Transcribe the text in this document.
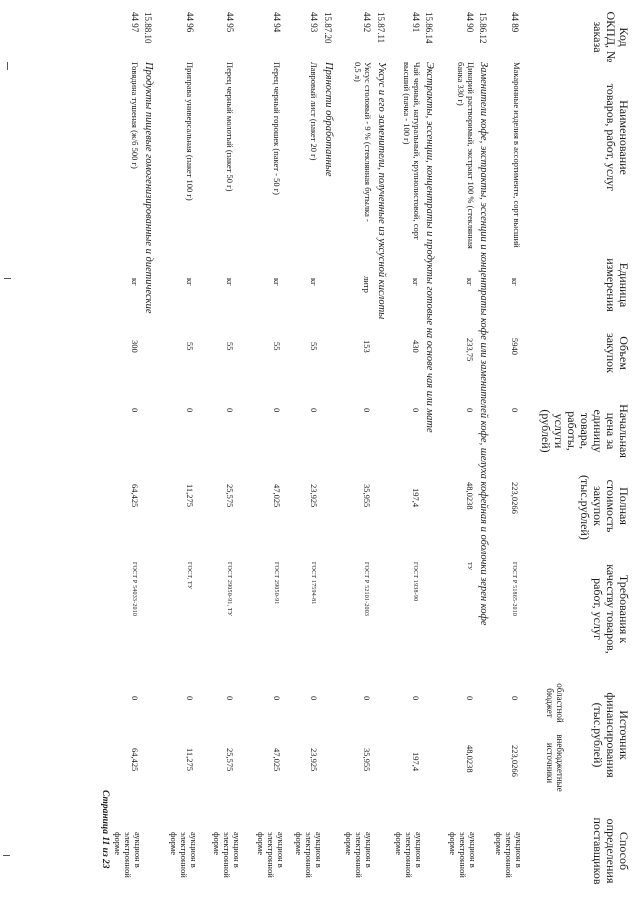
Код ОКПД, № заказа
Наименование товаров, работ, услуг
Единица измерения
Объем закупок
Начальная цена за единицу товара, работы, услуги (рублей)
Полная стоимость закупок (тыс.рублей)
Требования к качеству товаров, работ, услуг
Источник финансирования (тыс.рублей)
областной бюджет
внебюджетные источники
Способ определения поставщиков
44 89
Макаронные изделия в ассортименте, сорт высший
кг
5940
0
223,0266
ГОСТ Р 51865-2010
0
223,0266
аукцион в электронной форме
15.86.12
Заменители кофе, экстракты, эссенции и концентраты кофе или заменителей кофе, шелуха кофейная и оболочки зерен кофе
44 90
Цикорий растворимый, экстракт 100 % (стеклянная банка 330 г)
кг
233,75
0
48,0238
ТУ
0
48,0238
аукцион в электронной форме
15.86.14
Экстракты, эссенции, концентраты и продукты готовые на основе чая или мате
44 91
Чай черный, натуральный, крупнолистовой, сорт высший (пачка - 100 г)
кг
430
0
197,4
ГОСТ 1938-90
0
197,4
аукцион в электронной форме
15.87.11
Уксус и его заменители, полученные из уксусной кислоты
44 92
Уксус столовый - 9 % (стеклянная бутылка - 0,5 л)
литр
153
0
35,955
ГОСТ Р 52101-2003
0
35,955
аукцион в электронной форме
15.87.20
Пряности обработанные
44 93
Лавровый лист (пакет 20 г)
кг
55
0
23,925
ГОСТ 17594-81
0
23,925
аукцион в электронной форме
44 94
Перец черный горошек (пакет - 50 г)
кг
55
0
47,025
ГОСТ 29050-91
0
47,025
аукцион в электронной форме
44 95
Перец черный молотый (пакет 50 г)
кг
55
0
25,575
ГОСТ 29050-91, ТУ
0
25,575
аукцион в электронной форме
44 96
Приправа универсальная (пакет 100 г)
кг
55
0
11,275
ГОСТ, ТУ
0
11,275
аукцион в электронной форме
15.88.10
Продукты пищевые гомогенизированные и диетические
44 97
Говядина тушеная (ж/б 500 г)
кг
300
0
64,425
ГОСТ Р 54033-2010
0
64,425
аукцион в электронной форме
Страница 11 из 23
